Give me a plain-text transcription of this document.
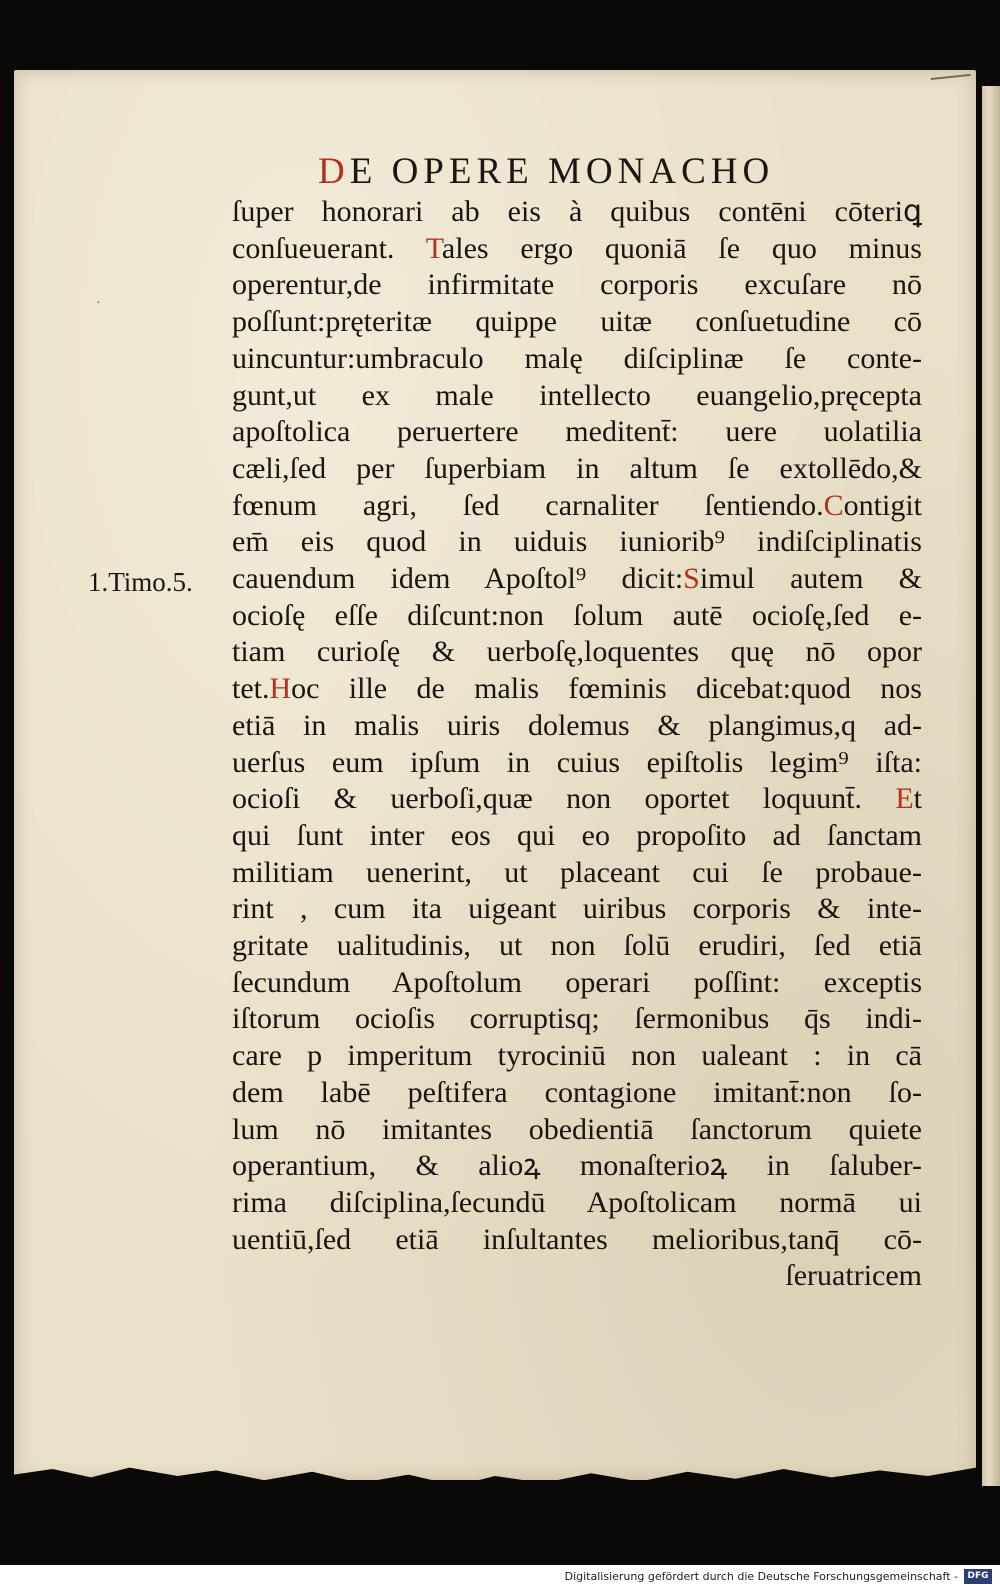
DE OPERE MONACHO
·
1.Timo.5.
ſuper honorari ab eis à quibus contēni cōteriꝗ
conſueuerant. Tales ergo quoniā ſe quo minus
operentur,de infirmitate corporis excuſare nō
poſſunt:pręteritæ quippe uitæ conſuetudine cō
uincuntur:umbraculo malę diſciplinæ ſe conte-
gunt,ut ex male intellecto euangelio,pręcepta
apoſtolica peruertere meditent̄: uere uolatilia
cæli,ſed per ſuperbiam in altum ſe extollēdo,&
fœnum agri, ſed carnaliter ſentiendo.Contigit
em̄ eis quod in uiduis iuniorib⁹ indiſciplinatis
cauendum idem Apoſtol⁹ dicit:Simul autem &
ocioſę eſſe diſcunt:non ſolum autē ocioſę,ſed e-
tiam curioſę & uerboſę,loquentes quę nō opor
tet.Hoc ille de malis fœminis dicebat:quod nos
etiā in malis uiris dolemus & plangimus,q ad-
uerſus eum ipſum in cuius epiſtolis legim⁹ iſta:
ocioſi & uerboſi,quæ non oportet loquunt̄. Et
qui ſunt inter eos qui eo propoſito ad ſanctam
militiam uenerint, ut placeant cui ſe probaue-
rint , cum ita uigeant uiribus corporis & inte-
gritate ualitudinis, ut non ſolū erudiri, ſed etiā
ſecundum Apoſtolum operari poſſint: exceptis
iſtorum ocioſis corruptisq; ſermonibus q̄s indi-
care p imperitum tyrociniū non ualeant : in cā
dem labē peſtifera contagione imitant̄:non ſo-
lum nō imitantes obedientiā ſanctorum quiete
operantium, & alioꝝ monaſterioꝝ in ſaluber-
rima diſciplina,ſecundū Apoſtolicam normā ui
uentiū,ſed etiā inſultantes melioribus,tanq̄ cō-
ſeruatricem
Digitalisierung gefördert durch die Deutsche Forschungsgemeinschaft -	DFG
